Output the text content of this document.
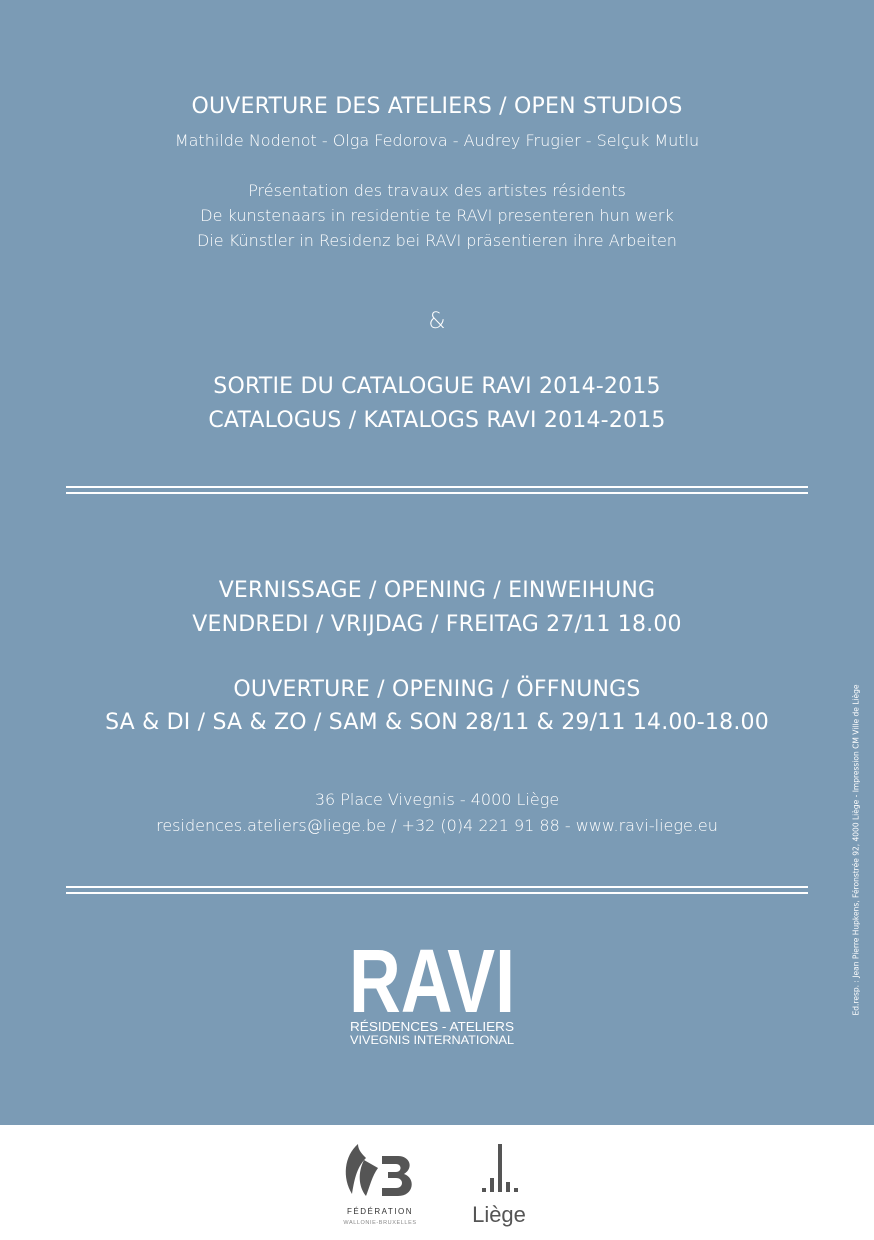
OUVERTURE DES ATELIERS / OPEN STUDIOS
Mathilde Nodenot - Olga Fedorova - Audrey Frugier - Selçuk Mutlu
Présentation des travaux des artistes résidents
De kunstenaars in residentie te RAVI presenteren hun werk
Die Künstler in Residenz bei RAVI präsentieren ihre Arbeiten
&
SORTIE DU CATALOGUE RAVI 2014-2015
CATALOGUS / KATALOGS RAVI 2014-2015
VERNISSAGE / OPENING / EINWEIHUNG
VENDREDI / VRIJDAG / FREITAG 27/11 18.00
OUVERTURE / OPENING / ÖFFNUNGS
SA & DI / SA & ZO / SAM & SON 28/11 & 29/11 14.00-18.00
36 Place Vivegnis - 4000 Liège
residences.ateliers@liege.be / +32 (0)4 221 91 88 - www.ravi-liege.eu	Ed.resp. : Jean Pierre Hupkens, Féronstrée 92, 4000 Liège - Impression CM Ville de Liège
RAVI
RÉSIDENCES - ATELIERS
VIVEGNIS INTERNATIONAL
FÉDÉRATION
WALLONIE-BRUXELLES	Liège
